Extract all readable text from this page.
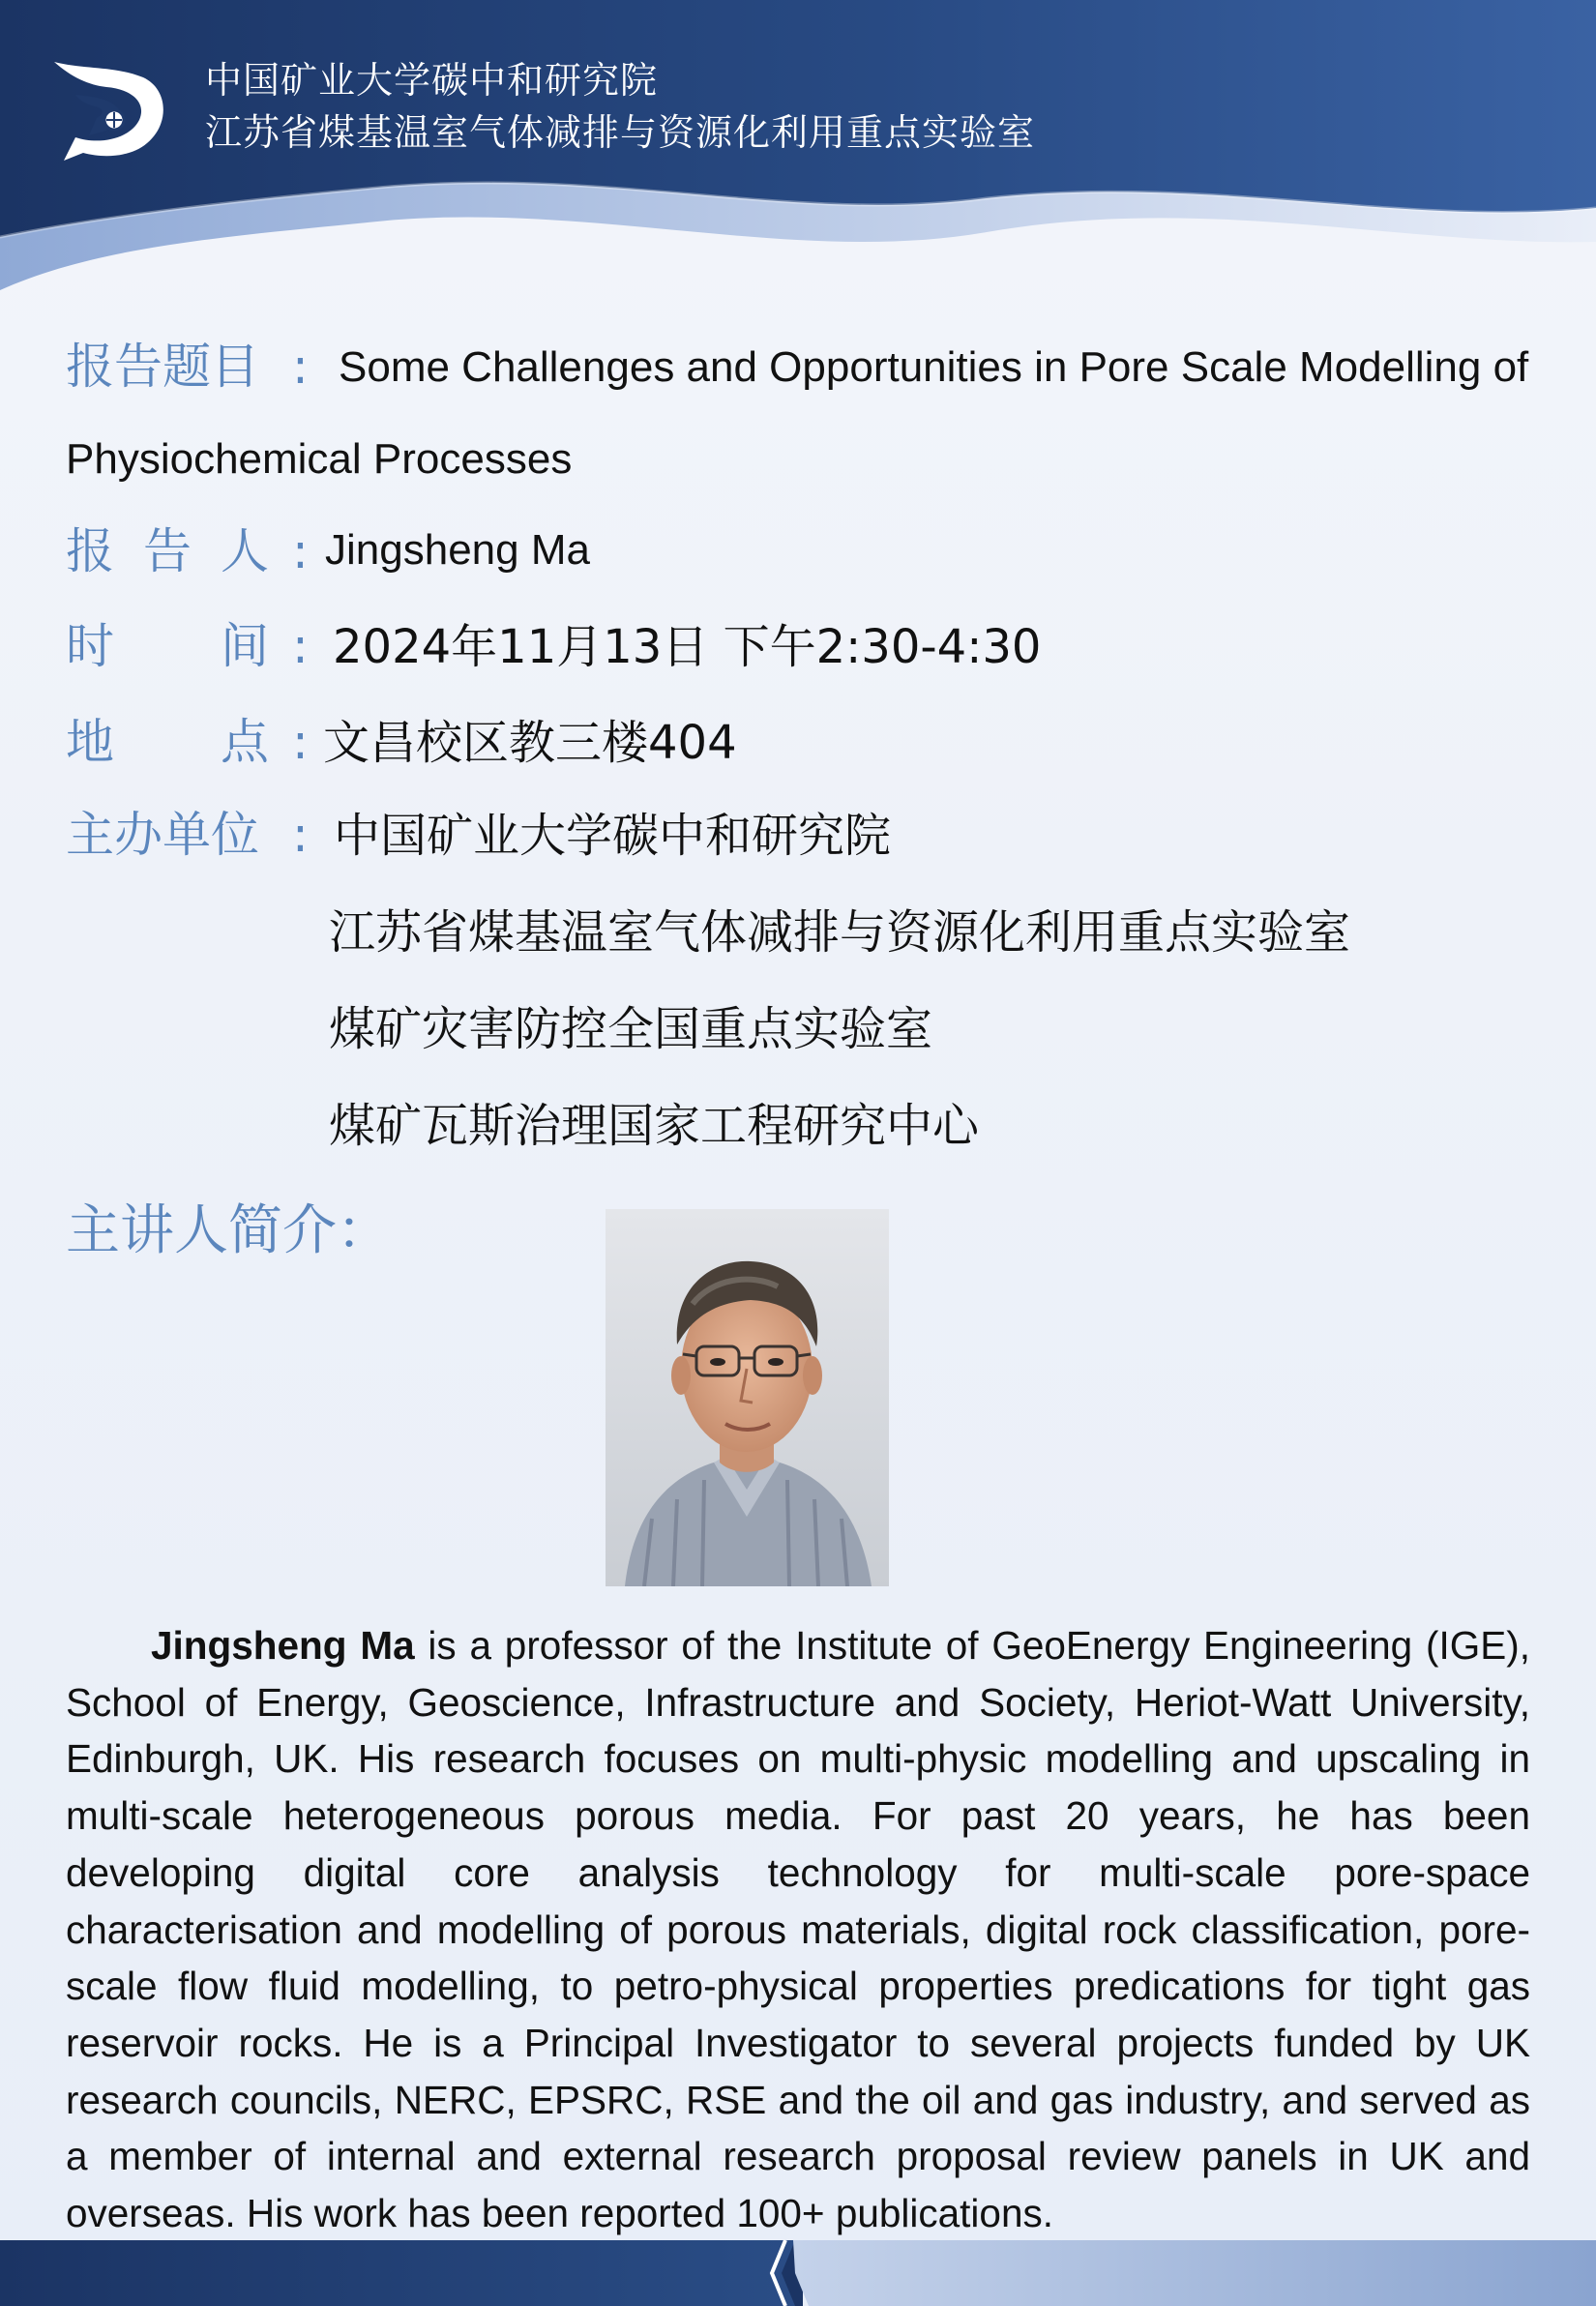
中国矿业大学碳中和研究院
江苏省煤基温室气体减排与资源化利用重点实验室
报告题目 : Some Challenges and Opportunities in Pore Scale Modelling of
Physiochemical Processes
报 告 人 : Jingsheng Ma
时 间 : 2024年11月13日 下午2:30-4:30
地 点 : 文昌校区教三楼404
主办单位 : 中国矿业大学碳中和研究院
江苏省煤基温室气体减排与资源化利用重点实验室
煤矿灾害防控全国重点实验室
煤矿瓦斯治理国家工程研究中心
主讲人简介：

Jingsheng Ma is a professor of the Institute of GeoEnergy Engineering (IGE), School of Energy, Geoscience, Infrastructure and Society, Heriot-Watt University, Edinburgh, UK. His research focuses on multi-physic modelling and upscaling in multi-scale heterogeneous porous media. For past 20 years, he has been developing digital core analysis technology for multi-scale pore-space characterisation and modelling of porous materials, digital rock classification, pore-scale flow fluid modelling, to petro-physical properties predications for tight gas reservoir rocks. He is a Principal Investigator to several projects funded by UK research councils, NERC, EPSRC, RSE and the oil and gas industry, and served as a member of internal and external research proposal review panels in UK and overseas. His work has been reported 100+ publications.
